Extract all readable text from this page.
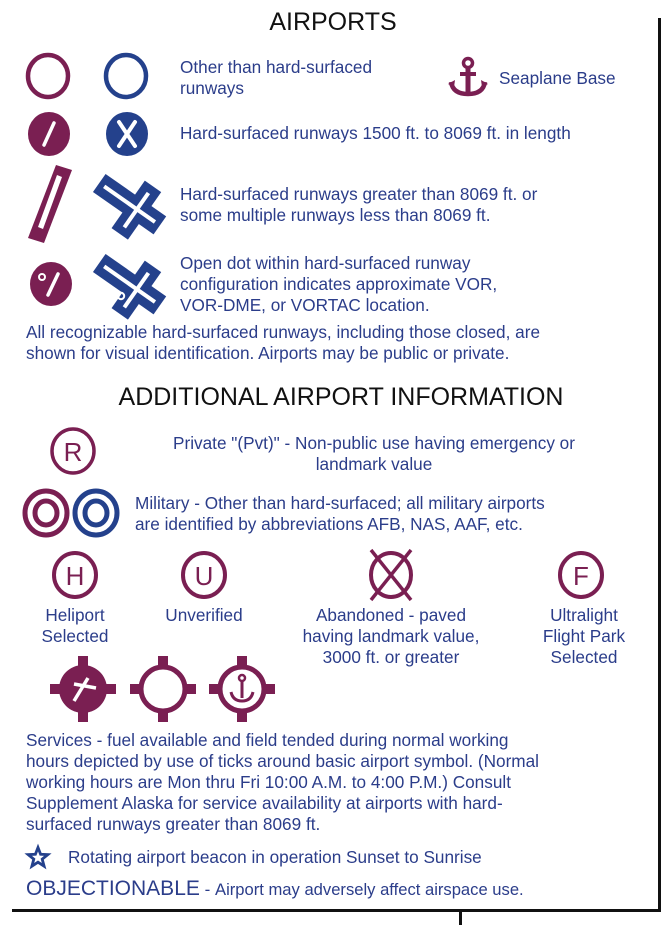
AIRPORTS
Other than hard-surfaced
runways	Seaplane Base
Hard-surfaced runways 1500 ft. to 8069 ft. in length
Hard-surfaced runways greater than 8069 ft. or
some multiple runways less than 8069 ft.
Open dot within hard-surfaced runway
configuration indicates approximate VOR,
VOR-DME, or VORTAC location.
All recognizable hard-surfaced runways, including those closed, are
shown for visual identification. Airports may be public or private.
ADDITIONAL AIRPORT INFORMATION
R	Private "(Pvt)" - Non-public use having emergency or
landmark value
Military - Other than hard-surfaced; all military airports
are identified by abbreviations AFB, NAS, AAF, etc.
H	U	F
Heliport
Selected
Unverified	Abandoned - paved
having landmark value,
3000 ft. or greater
Ultralight
Flight Park
Selected
Services - fuel available and field tended during normal working
hours depicted by use of ticks around basic airport symbol. (Normal
working hours are Mon thru Fri 10:00 A.M. to 4:00 P.M.) Consult
Supplement Alaska for service availability at airports with hard-
surfaced runways greater than 8069 ft.
Rotating airport beacon in operation Sunset to Sunrise
OBJECTIONABLE - Airport may adversely affect airspace use.
